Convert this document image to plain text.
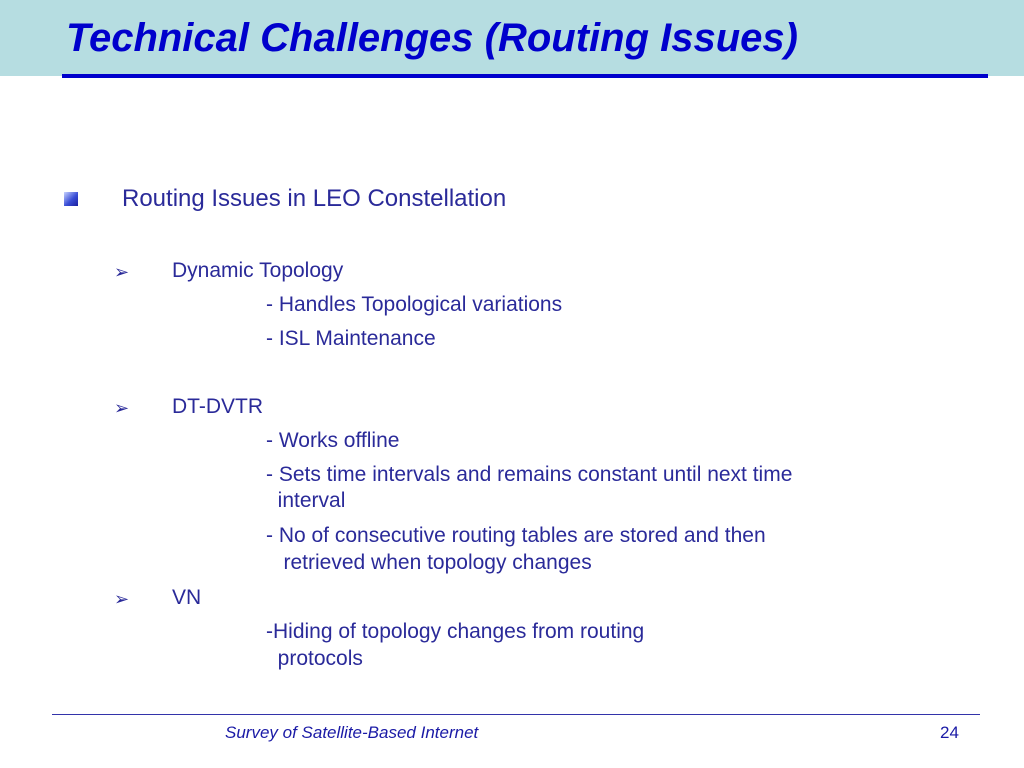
Technical Challenges (Routing Issues)
Routing Issues in LEO Constellation
➢ Dynamic Topology
- Handles Topological variations
- ISL Maintenance
➢ DT-DVTR
- Works offline
- Sets time intervals and remains constant until next time
interval
- No of consecutive routing tables are stored and then
retrieved when topology changes
➢ VN
-Hiding of topology changes from routing
protocols
Survey of Satellite-Based Internet	24
